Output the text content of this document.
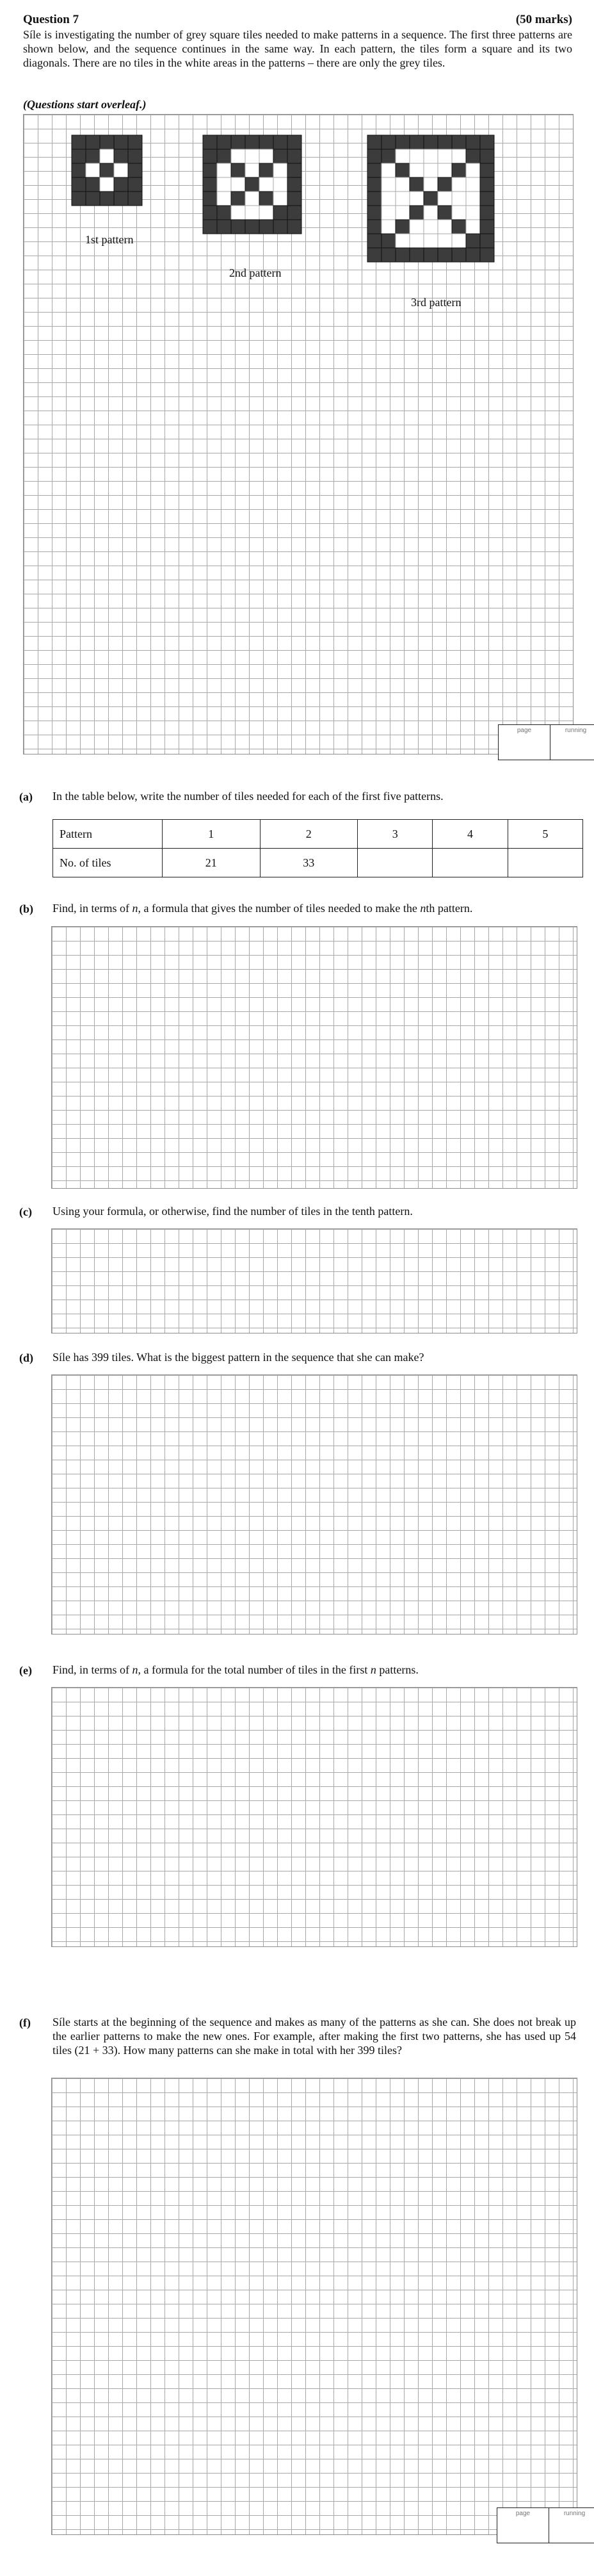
Question 7	(50 marks)
Síle is investigating the number of grey square tiles needed to make patterns in a sequence. The first three patterns are shown below, and the sequence continues in the same way. In each pattern, the tiles form a square and its two diagonals. There are no tiles in the white areas in the patterns – there are only the grey tiles.
(Questions start overleaf.)
1st pattern
2nd pattern
3rd pattern
page	running
(a) In the table below, write the number of tiles needed for each of the first five patterns.
Pattern	1	2	3	4	5
No. of tiles	21	33			
(b) Find, in terms of n, a formula that gives the number of tiles needed to make the nth pattern.
(c) Using your formula, or otherwise, find the number of tiles in the tenth pattern.
(d) Síle has 399 tiles. What is the biggest pattern in the sequence that she can make?
(e) Find, in terms of n, a formula for the total number of tiles in the first n patterns.
(f) Síle starts at the beginning of the sequence and makes as many of the patterns as she can. She does not break up the earlier patterns to make the new ones. For example, after making the first two patterns, she has used up 54 tiles (21 + 33). How many patterns can she make in total with her 399 tiles?
page	running
